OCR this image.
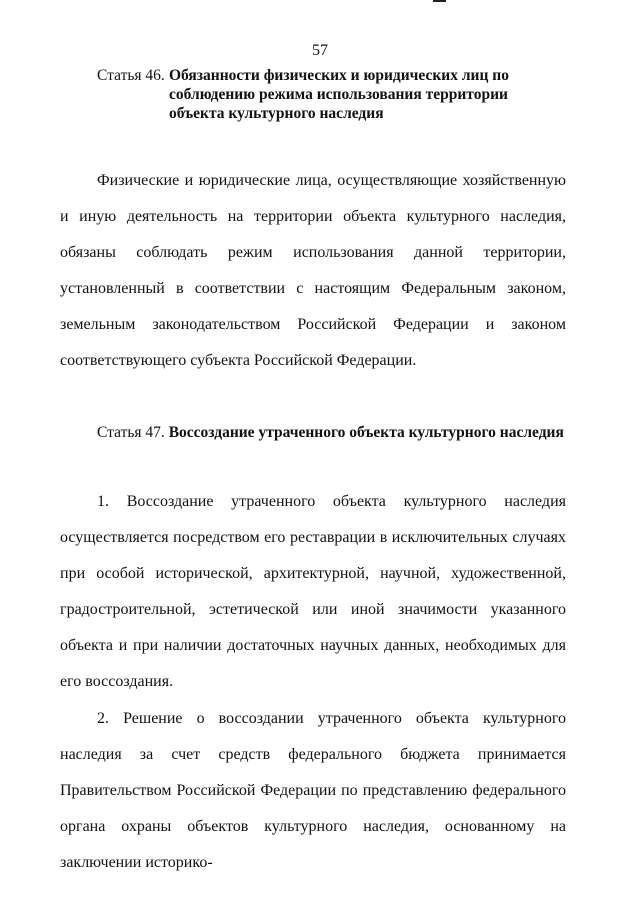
57
Статья 46. Обязанности физических и юридических лиц по соблюдению режима использования территории объекта культурного наследия
Физические и юридические лица, осуществляющие хозяйственную и иную деятельность на территории объекта культурного наследия, обязаны соблюдать режим использования данной территории, установленный в соответствии с настоящим Федеральным законом, земельным законодательством Российской Федерации и законом соответствующего субъекта Российской Федерации.
Статья 47. Воссоздание утраченного объекта культурного наследия
1. Воссоздание утраченного объекта культурного наследия осуществляется посредством его реставрации в исключительных случаях при особой исторической, архитектурной, научной, художественной, градостроительной, эстетической или иной значимости указанного объекта и при наличии достаточных научных данных, необходимых для его воссоздания.
2. Решение о воссоздании утраченного объекта культурного наследия за счет средств федерального бюджета принимается Правительством Российской Федерации по представлению федерального органа охраны объектов культурного наследия, основанному на заключении историко-
